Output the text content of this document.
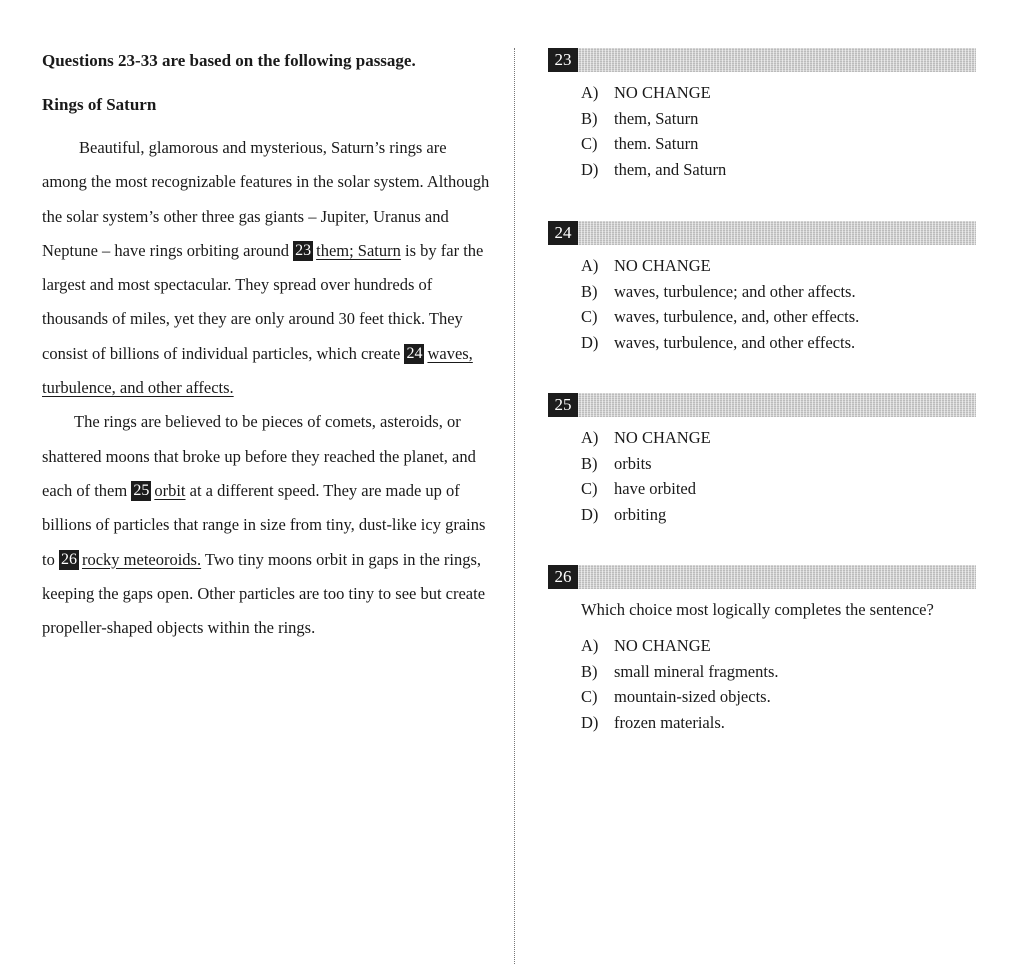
Questions 23-33 are based on the following passage.

Rings of Saturn

Beautiful, glamorous and mysterious, Saturn’s rings are among the most recognizable features in the solar system. Although the solar system’s other three gas giants – Jupiter, Uranus and Neptune – have rings orbiting around 23 them; Saturn is by far the largest and most spectacular. They spread over hundreds of thousands of miles, yet they are only around 30 feet thick. They consist of billions of individual particles, which create 24 waves, turbulence, and other affects.

The rings are believed to be pieces of comets, asteroids, or shattered moons that broke up before they reached the planet, and each of them 25 orbit at a different speed. They are made up of billions of particles that range in size from tiny, dust-like icy grains to 26 rocky meteoroids. Two tiny moons orbit in gaps in the rings, keeping the gaps open. Other particles are too tiny to see but create propeller-shaped objects within the rings.

23
A) NO CHANGE
B) them, Saturn
C) them. Saturn
D) them, and Saturn
24
A) NO CHANGE
B) waves, turbulence; and other affects.
C) waves, turbulence, and, other effects.
D) waves, turbulence, and other effects.
25
A) NO CHANGE
B) orbits
C) have orbited
D) orbiting
26

Which choice most logically completes the sentence?

A) NO CHANGE
B) small mineral fragments.
C) mountain-sized objects.
D) frozen materials.
